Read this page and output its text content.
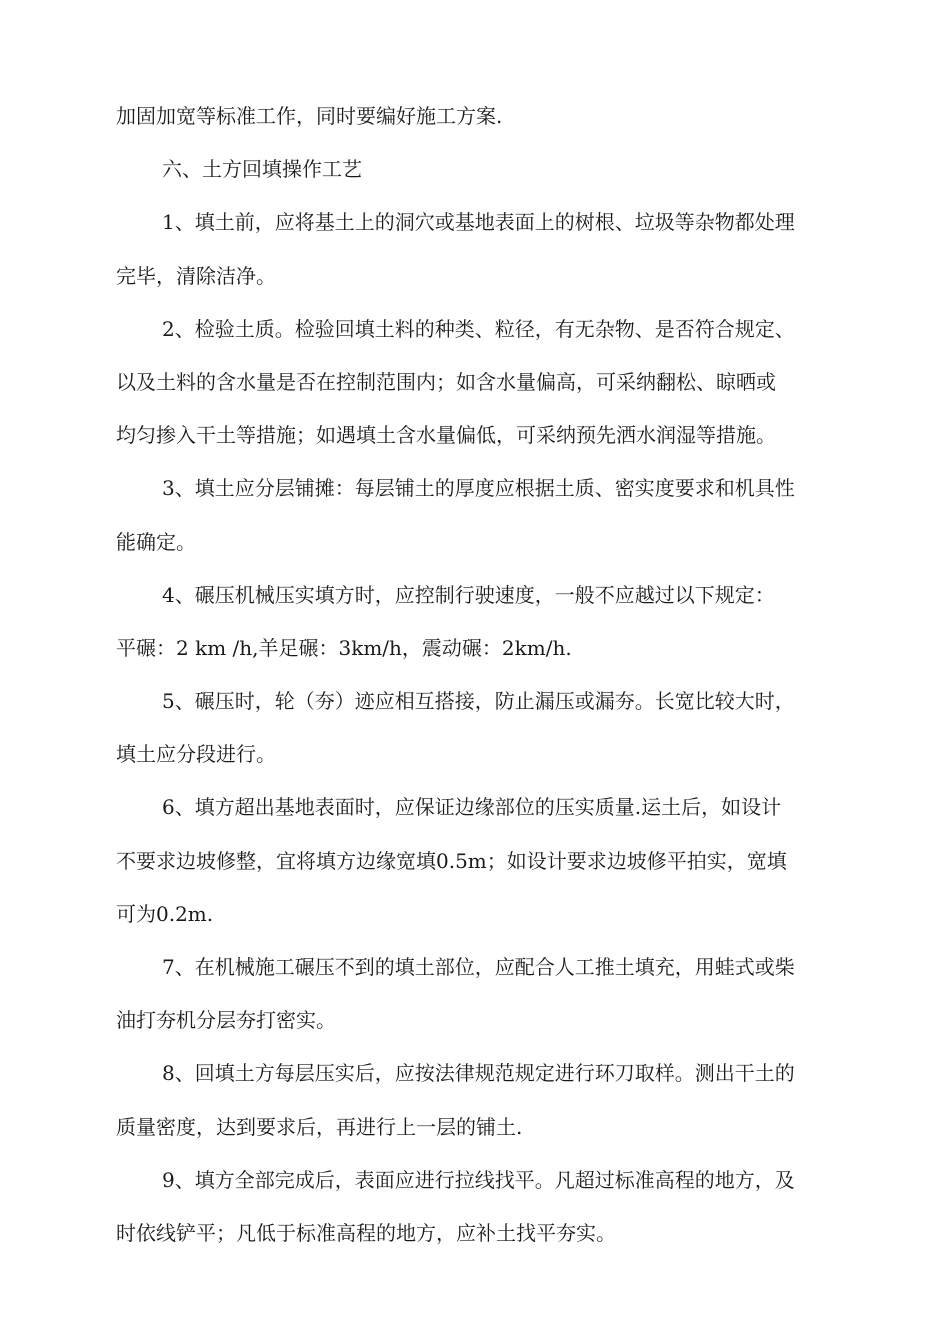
加固加宽等标准工作，同时要编好施工方案.
六、土方回填操作工艺
1、填土前，应将基土上的洞穴或基地表面上的树根、垃圾等杂物都处理
完毕，清除洁净。
2、检验土质。检验回填土料的种类、粒径，有无杂物、是否符合规定、
以及土料的含水量是否在控制范围内；如含水量偏高，可采纳翻松、晾晒或
均匀掺入干土等措施；如遇填土含水量偏低，可采纳预先洒水润湿等措施。
3、填土应分层铺摊：每层铺土的厚度应根据土质、密实度要求和机具性
能确定。
4、碾压机械压实填方时，应控制行驶速度，一般不应越过以下规定：
平碾：2 km /h,羊足碾：3km/h，震动碾：2km/h.
5、碾压时，轮（夯）迹应相互搭接，防止漏压或漏夯。长宽比较大时，
填土应分段进行。
6、填方超出基地表面时，应保证边缘部位的压实质量.运土后，如设计
不要求边坡修整，宜将填方边缘宽填0.5m；如设计要求边坡修平拍实，宽填
可为0.2m.
7、在机械施工碾压不到的填土部位，应配合人工推土填充，用蛙式或柴
油打夯机分层夯打密实。
8、回填土方每层压实后，应按法律规范规定进行环刀取样。测出干土的
质量密度，达到要求后，再进行上一层的铺土.
9、填方全部完成后，表面应进行拉线找平。凡超过标准高程的地方，及
时依线铲平；凡低于标准高程的地方，应补土找平夯实。
